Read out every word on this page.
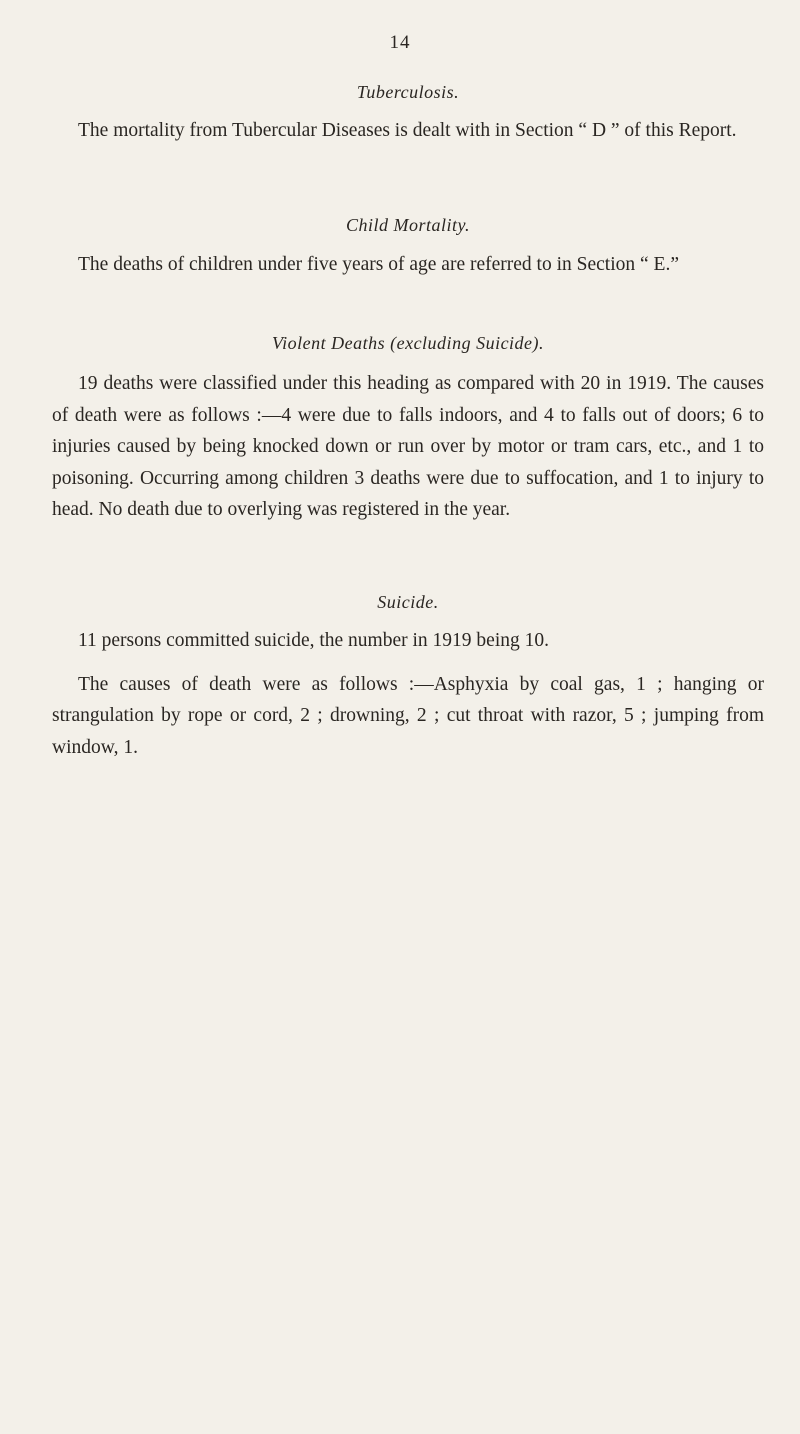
14
Tuberculosis.

The mortality from Tubercular Diseases is dealt with in Section “ D ” of this Report.

Child Mortality.

The deaths of children under five years of age are referred to in Section “ E.”

Violent Deaths (excluding Suicide).

19 deaths were classified under this heading as compared with 20 in 1919. The causes of death were as follows :—4 were due to falls indoors, and 4 to falls out of doors; 6 to injuries caused by being knocked down or run over by motor or tram cars, etc., and 1 to poisoning. Occurring among children 3 deaths were due to suffocation, and 1 to injury to head. No death due to overlying was registered in the year.

Suicide.

11 persons committed suicide, the number in 1919 being 10.

The causes of death were as follows :—Asphyxia by coal gas, 1 ; hanging or strangulation by rope or cord, 2 ; drowning, 2 ; cut throat with razor, 5 ; jumping from window, 1.
